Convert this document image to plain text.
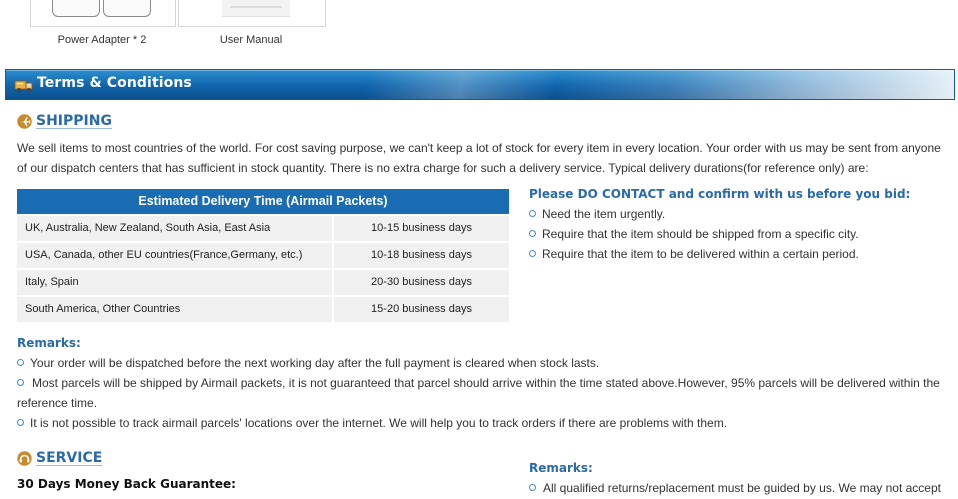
Power Adapter * 2	User Manual
Terms & Conditions
SHIPPING
We sell items to most countries of the world. For cost saving purpose, we can't keep a lot of stock for every item in every location. Your order with us may be sent from anyone of our dispatch centers that has sufficient in stock quantity. There is no extra charge for such a delivery service. Typical delivery durations(for reference only) are:
Estimated Delivery Time (Airmail Packets)
UK, Australia, New Zealand, South Asia, East Asia	10-15 business days
USA, Canada, other EU countries(France,Germany, etc.)	10-18 business days
Italy, Spain	20-30 business days
South America, Other Countries	15-20 business days
Please DO CONTACT and confirm with us before you bid:
Need the item urgently.
Require that the item should be shipped from a specific city.
Require that the item to be delivered within a certain period.
Remarks:
Your order will be dispatched before the next working day after the full payment is cleared when stock lasts.
Most parcels will be shipped by Airmail packets, it is not guaranteed that parcel should arrive within the time stated above.However, 95% parcels will be delivered within the reference time.
It is not possible to track airmail parcels' locations over the internet. We will help you to track orders if there are problems with them.
SERVICE
30 Days Money Back Guarantee:
Remarks:
All qualified returns/replacement must be guided by us. We may not accept
